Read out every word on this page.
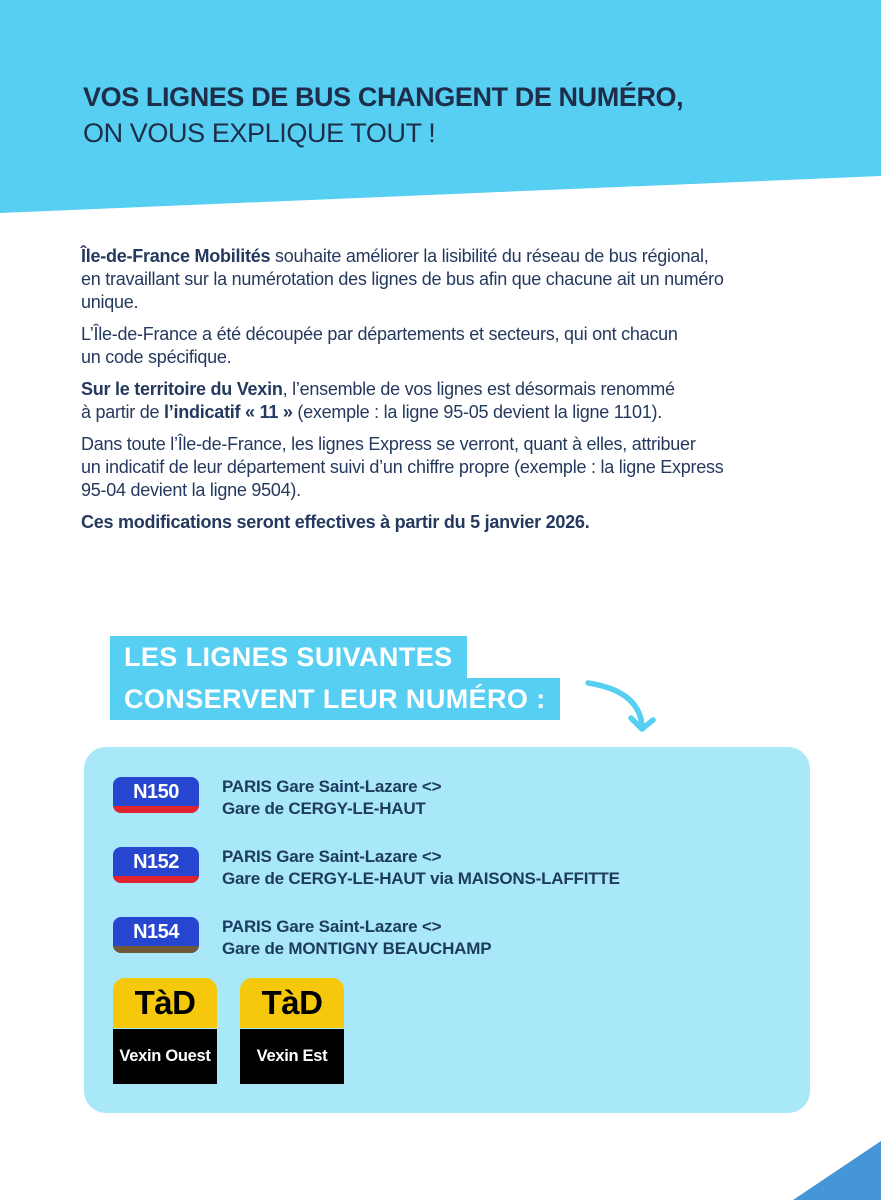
VOS LIGNES DE BUS CHANGENT DE NUMÉRO,
ON VOUS EXPLIQUE TOUT !

Île-de-France Mobilités souhaite améliorer la lisibilité du réseau de bus régional,
en travaillant sur la numérotation des lignes de bus afin que chacune ait un numéro
unique.

L’Île-de-France a été découpée par départements et secteurs, qui ont chacun
un code spécifique.

Sur le territoire du Vexin, l’ensemble de vos lignes est désormais renommé
à partir de l’indicatif « 11 » (exemple : la ligne 95-05 devient la ligne 1101).

Dans toute l’Île-de-France, les lignes Express se verront, quant à elles, attribuer
un indicatif de leur département suivi d’un chiffre propre (exemple : la ligne Express
95-04 devient la ligne 9504).

Ces modifications seront effectives à partir du 5 janvier 2026.

LES LIGNES SUIVANTES
CONSERVENT LEUR NUMÉRO :
N150	PARIS Gare Saint-Lazare <>
Gare de CERGY-LE-HAUT
N152	PARIS Gare Saint-Lazare <>
Gare de CERGY-LE-HAUT via MAISONS-LAFFITTE
N154	PARIS Gare Saint-Lazare <>
Gare de MONTIGNY BEAUCHAMP
TàD
Vexin Ouest
TàD
Vexin Est
